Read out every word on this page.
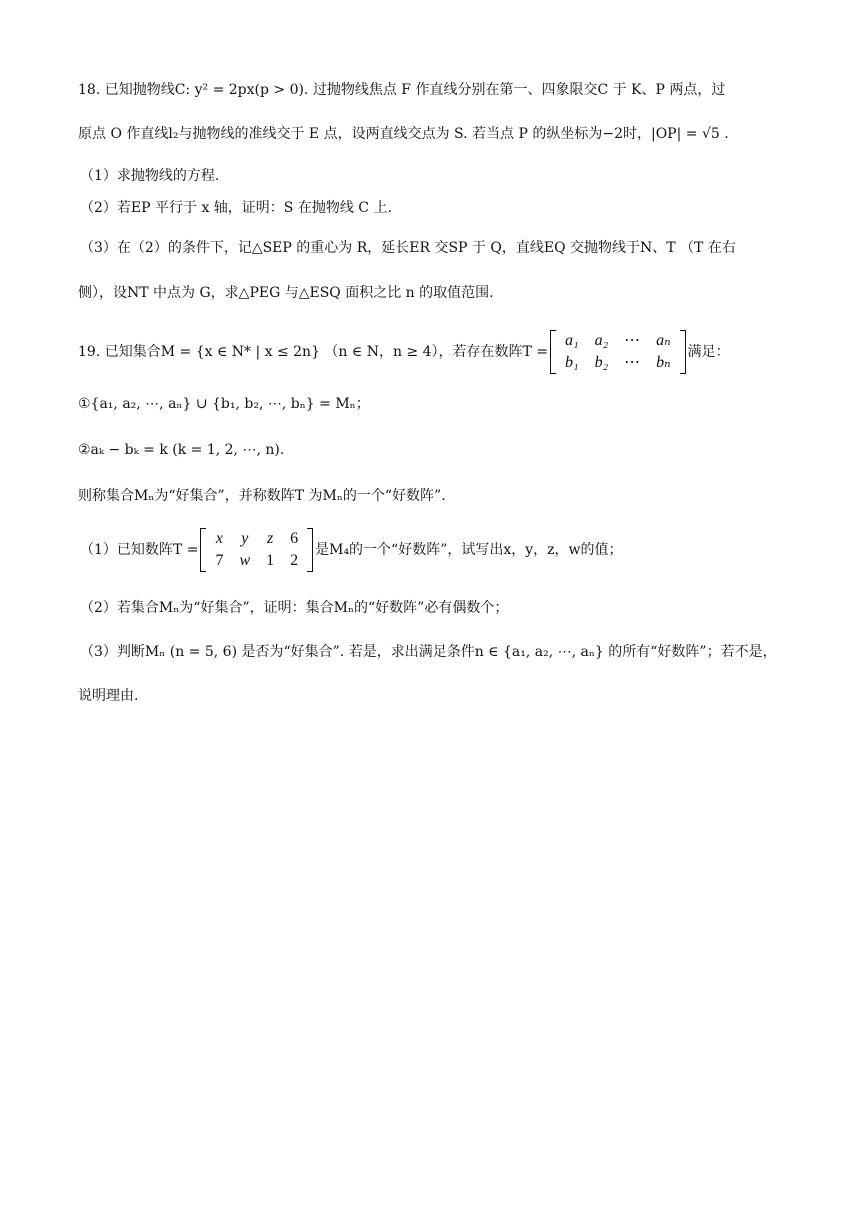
18. 已知抛物线C: y² = 2px(p > 0). 过抛物线焦点 F 作直线分别在第一、四象限交C 于 K、P 两点，过
原点 O 作直线l₂与抛物线的准线交于 E 点，设两直线交点为 S. 若当点 P 的纵坐标为−2时，|OP| = √5 .
（1）求抛物线的方程.
（2）若EP 平行于 x 轴，证明：S 在抛物线 C 上.
（3）在（2）的条件下，记△SEP 的重心为 R，延长ER 交SP 于 Q，直线EQ 交抛物线于N、T （T 在右
侧），设NT 中点为 G，求△PEG 与△ESQ 面积之比 n 的取值范围.
19. 已知集合M = {x ∈ N* | x ≤ 2n} （n ∈ N，n ≥ 4），若存在数阵T =
a₁	a₂	⋯	aₙ
b₁	b₂	⋯	bₙ
满足：
①{a₁, a₂, ⋯, aₙ} ∪ {b₁, b₂, ⋯, bₙ} = Mₙ；
②aₖ − bₖ = k (k = 1, 2, ⋯, n).
则称集合Mₙ为“好集合”，并称数阵T 为Mₙ的一个“好数阵”.
（1）已知数阵T =
x	y	z	6
7	w	1	2
是M₄的一个“好数阵”，试写出x，y，z，w的值；
（2）若集合Mₙ为“好集合”，证明：集合Mₙ的“好数阵”必有偶数个；
（3）判断Mₙ (n = 5, 6) 是否为“好集合”. 若是，求出满足条件n ∈ {a₁, a₂, ⋯, aₙ} 的所有“好数阵”；若不是，
说明理由.
